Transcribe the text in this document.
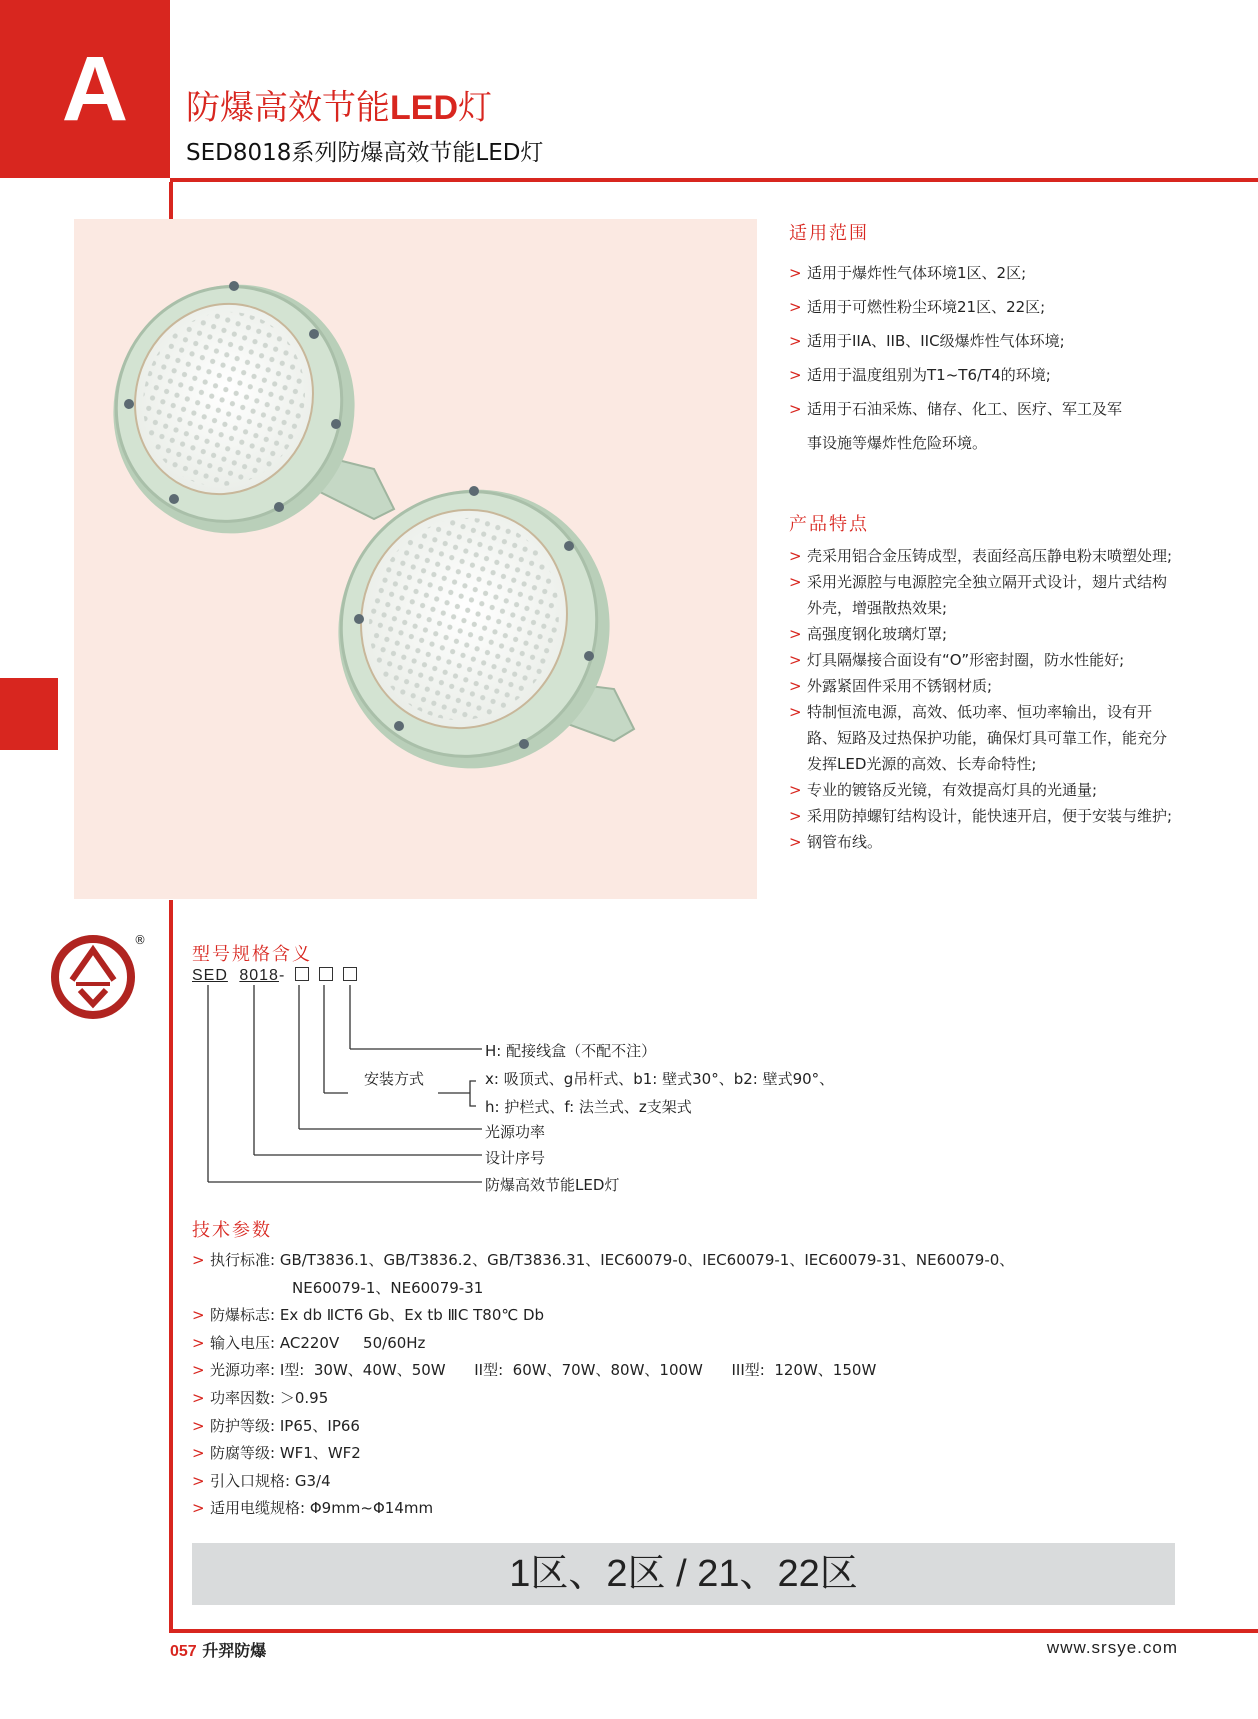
A	防爆高效节能LED灯
SED8018系列防爆高效节能LED灯
适用范围
> 适用于爆炸性气体环境1区、2区;
> 适用于可燃性粉尘环境21区、22区;
> 适用于IIA、IIB、IIC级爆炸性气体环境;
> 适用于温度组别为T1~T6/T4的环境;
> 适用于石油采炼、储存、化工、医疗、军工及军
事设施等爆炸性危险环境。
产品特点
> 壳采用铝合金压铸成型，表面经高压静电粉末喷塑处理;
> 采用光源腔与电源腔完全独立隔开式设计，翅片式结构外壳，增强散热效果;
> 高强度钢化玻璃灯罩;
> 灯具隔爆接合面设有“O”形密封圈，防水性能好;
> 外露紧固件采用不锈钢材质;
> 特制恒流电源，高效、低功率、恒功率输出，设有开路、短路及过热保护功能，确保灯具可靠工作，能充分发挥LED光源的高效、长寿命特性;
> 专业的镀铬反光镜，有效提高灯具的光通量;
> 采用防掉螺钉结构设计，能快速开启，便于安装与维护;
> 钢管布线。
®
型号规格含义
SED 8018-
H: 配接线盒（不配不注）
安装方式	x: 吸顶式、g吊杆式、b1: 壁式30°、b2: 壁式90°、
h: 护栏式、f: 法兰式、z支架式
光源功率
设计序号
防爆高效节能LED灯
技术参数
> 执行标准: GB/T3836.1、GB/T3836.2、GB/T3836.31、IEC60079-0、IEC60079-1、IEC60079-31、NE60079-0、
NE60079-1、NE60079-31
> 防爆标志: Ex db ⅡCT6 Gb、Ex tb ⅢC T80℃ Db
> 输入电压: AC220V     50/60Hz
> 光源功率: I型:  30W、40W、50W      II型:  60W、70W、80W、100W      III型:  120W、150W
> 功率因数: ＞0.95
> 防护等级: IP65、IP66
> 防腐等级: WF1、WF2
> 引入口规格: G3/4
> 适用电缆规格: Φ9mm~Φ14mm
1区、2区 / 21、22区
057 升羿防爆	www.srsye.com
